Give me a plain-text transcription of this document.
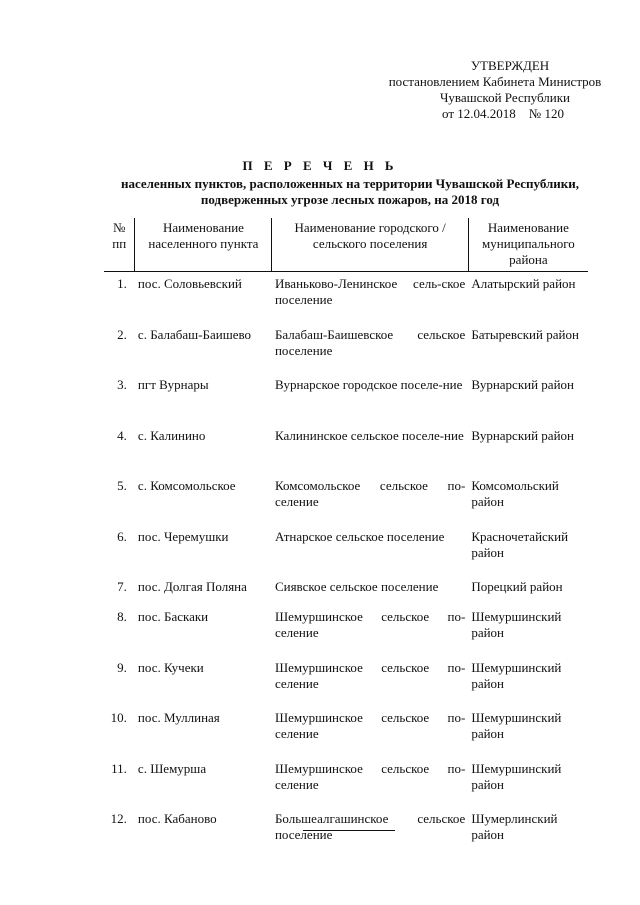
УТВЕРЖДЕН
постановлением Кабинета Министров
Чувашской Республики
от 12.04.2018    № 120
П Е Р Е Ч Е Н Ь
населенных пунктов, расположенных на территории Чувашской Республики, подверженных угрозе лесных пожаров, на 2018 год
№ пп	Наименование населенного пункта	Наименование городского / сельского поселения	Наименование муниципального района
1.	пос. Соловьевский	Иваньково-Ленинское сель-ское поселение	Алатырский район
2.	с. Балабаш-Баишево	Балабаш-Баишевское сельское поселение	Батыревский район
3.	пгт Вурнары	Вурнарское городское поселе-ние	Вурнарский район
4.	с. Калинино	Калининское сельское поселе-ние	Вурнарский район
5.	с. Комсомольское	Комсомольское сельское по-селение	Комсомольский район
6.	пос. Черемушки	Атнарское сельское поселение	Красночетайский район
7.	пос. Долгая Поляна	Сиявское сельское поселение	Порецкий район
8.	пос. Баскаки	Шемуршинское сельское по-селение	Шемуршинский район
9.	пос. Кучеки	Шемуршинское сельское по-селение	Шемуршинский район
10.	пос. Муллиная	Шемуршинское сельское по-селение	Шемуршинский район
11.	с. Шемурша	Шемуршинское сельское по-селение	Шемуршинский район
12.	пос. Кабаново	Большеалгашинское сельское поселение	Шумерлинский район
